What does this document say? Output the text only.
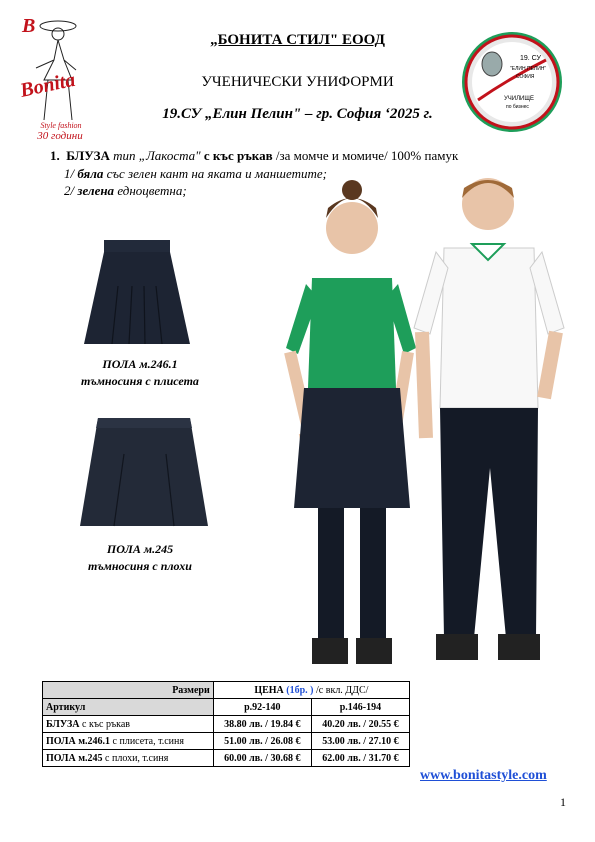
B
Bonita
Style fashion
30 години
19. СУ
"ЕЛИН ПЕЛИН"
СОФИЯ
УЧИЛИЩЕ
по бизнес
„БОНИТА СТИЛ" ЕООД
УЧЕНИЧЕСКИ УНИФОРМИ
19.СУ „Елин Пелин" – гр. София ‘2025 г.
1. БЛУЗА тип „Лакоста" с къс ръкав /за момче и момиче/ 100% памук
1/ бяла със зелен кант на яката и маншетите;
2/ зелена едноцветна;
ПОЛА м.246.1
тъмносиня с плисета
ПОЛА м.245
тъмносиня с плохи
Размери	ЦЕНА (1бр. ) /с вкл. ДДС/	
Артикул	р.92-140	р.146-194
БЛУЗА с къс ръкав	38.80 лв. / 19.84 €	40.20 лв. / 20.55 €
ПОЛА м.246.1 с плисета, т.синя	51.00 лв. / 26.08 €	53.00 лв. / 27.10 €
ПОЛА м.245 с плохи, т.синя	60.00 лв. / 30.68 €	62.00 лв. / 31.70 €
www.bonitastyle.com
1
